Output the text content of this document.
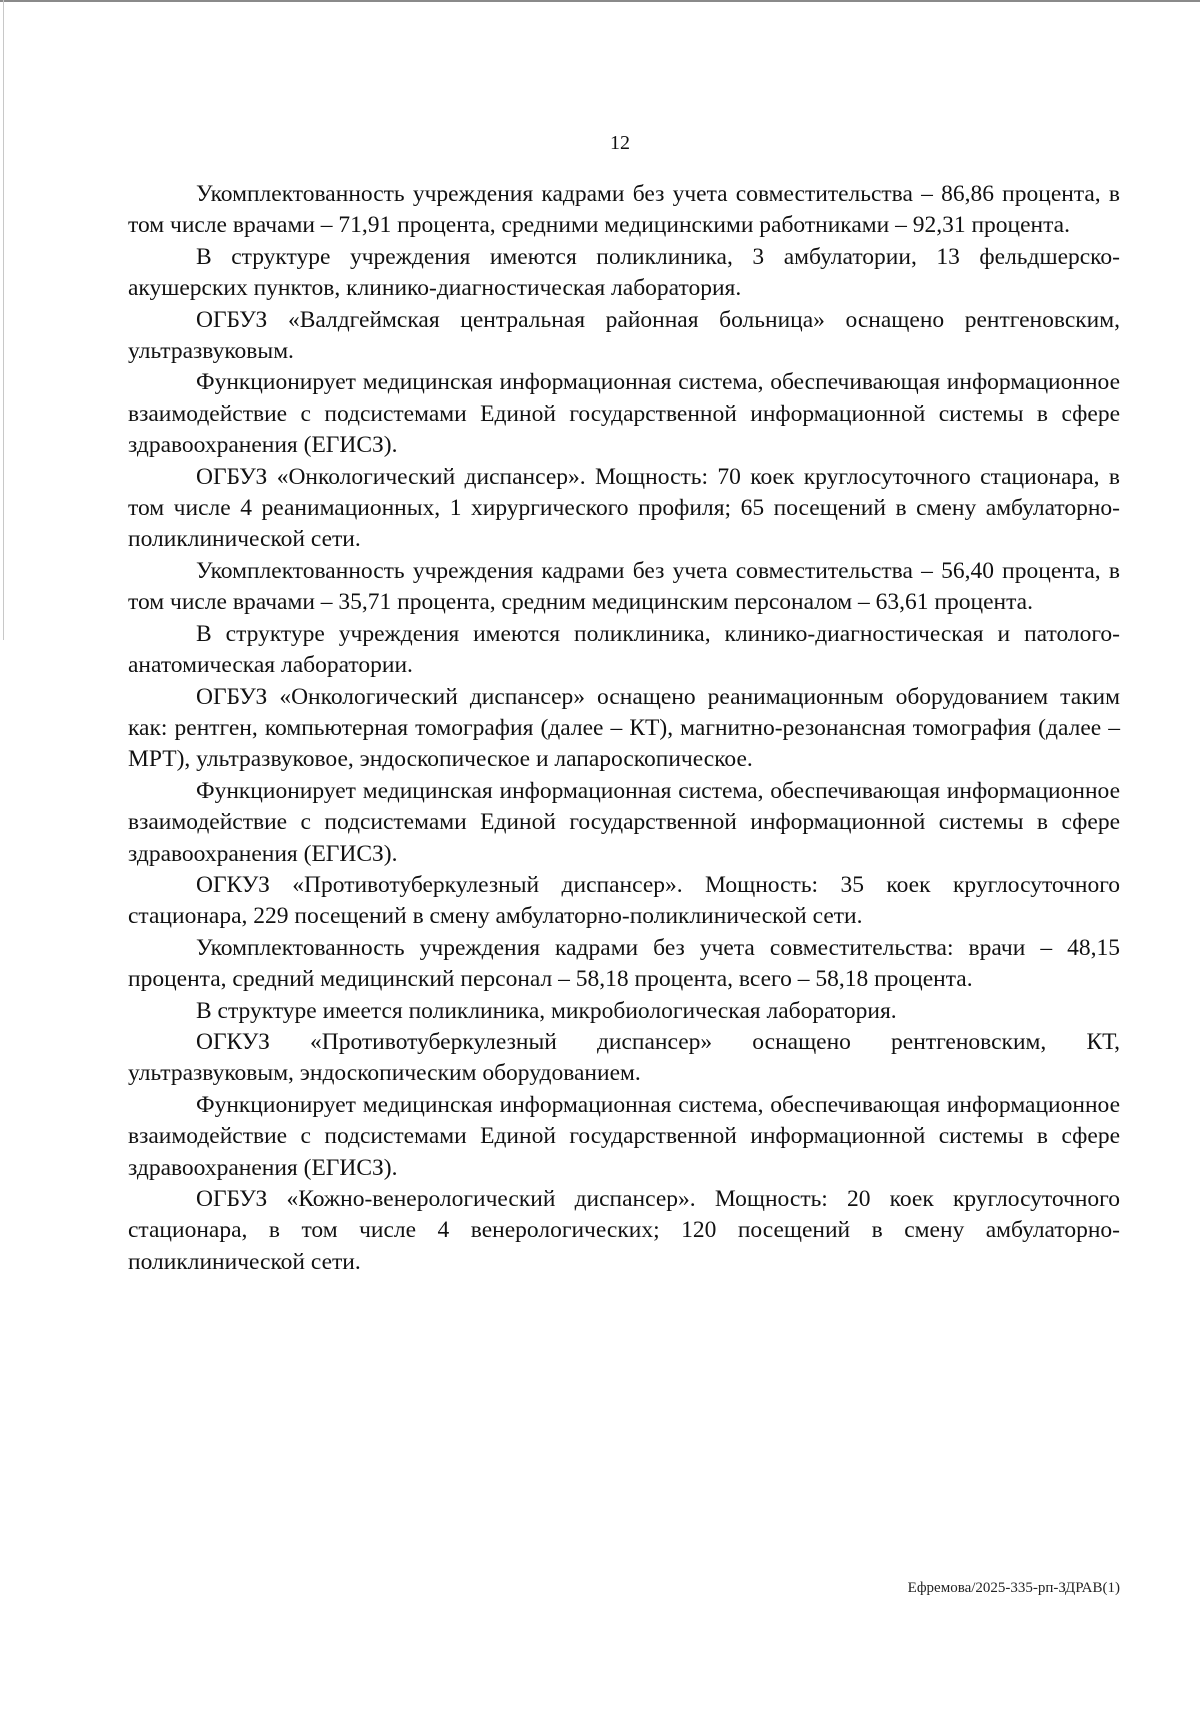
12

Укомплектованность учреждения кадрами без учета совместительства – 86,86 процента, в том числе врачами – 71,91 процента, средними медицинскими работниками – 92,31 процента.

В структуре учреждения имеются поликлиника, 3 амбулатории, 13 фельдшерско-акушерских пунктов, клинико-диагностическая лаборатория.

ОГБУЗ «Валдгеймская центральная районная больница» оснащено рентгеновским, ультразвуковым.

Функционирует медицинская информационная система, обеспечивающая информационное взаимодействие с подсистемами Единой государственной информационной системы в сфере здравоохранения (ЕГИСЗ).

ОГБУЗ «Онкологический диспансер». Мощность: 70 коек круглосуточного стационара, в том числе 4 реанимационных, 1 хирургического профиля; 65 посещений в смену амбулаторно-поликлинической сети.

Укомплектованность учреждения кадрами без учета совместительства – 56,40 процента, в том числе врачами – 35,71 процента, средним медицинским персоналом – 63,61 процента.

В структуре учреждения имеются поликлиника, клинико-диагностическая и патолого-анатомическая лаборатории.

ОГБУЗ «Онкологический диспансер» оснащено реанимационным оборудованием таким как: рентген, компьютерная томография (далее – КТ), магнитно-резонансная томография (далее – МРТ), ультразвуковое, эндоскопическое и лапароскопическое.

Функционирует медицинская информационная система, обеспечивающая информационное взаимодействие с подсистемами Единой государственной информационной системы в сфере здравоохранения (ЕГИСЗ).

ОГКУЗ «Противотуберкулезный диспансер». Мощность: 35 коек круглосуточного стационара, 229 посещений в смену амбулаторно-поликлинической сети.

Укомплектованность учреждения кадрами без учета совместительства: врачи – 48,15 процента, средний медицинский персонал – 58,18 процента, всего – 58,18 процента.

В структуре имеется поликлиника, микробиологическая лаборатория.

ОГКУЗ «Противотуберкулезный диспансер» оснащено рентгеновским, КТ, ультразвуковым, эндоскопическим оборудованием.

Функционирует медицинская информационная система, обеспечивающая информационное взаимодействие с подсистемами Единой государственной информационной системы в сфере здравоохранения (ЕГИСЗ).

ОГБУЗ «Кожно-венерологический диспансер». Мощность: 20 коек круглосуточного стационара, в том числе 4 венерологических; 120 посещений в смену амбулаторно-поликлинической сети.

Ефремова/2025-335-рп-ЗДРАВ(1)
